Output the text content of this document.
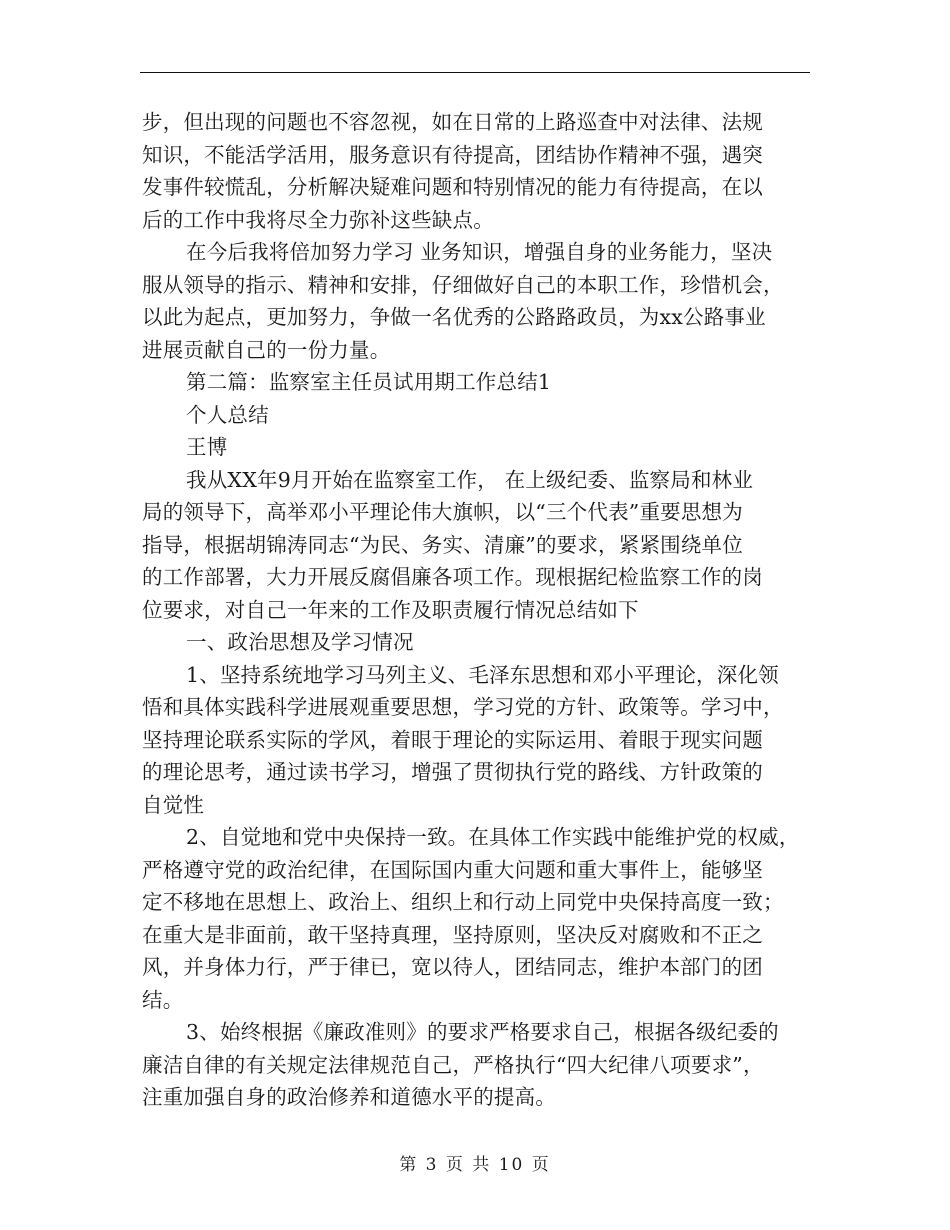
步，但出现的问题也不容忽视，如在日常的上路巡查中对法律、法规
知识，不能活学活用，服务意识有待提高，团结协作精神不强，遇突
发事件较慌乱，分析解决疑难问题和特别情况的能力有待提高，在以
后的工作中我将尽全力弥补这些缺点。
在今后我将倍加努力学习 业务知识，增强自身的业务能力，坚决
服从领导的指示、精神和安排，仔细做好自己的本职工作，珍惜机会，
以此为起点，更加努力，争做一名优秀的公路路政员，为xx公路事业
进展贡献自己的一份力量。
第二篇：监察室主任员试用期工作总结1
个人总结
王博
我从XX年9月开始在监察室工作， 在上级纪委、监察局和林业
局的领导下，高举邓小平理论伟大旗帜，以“三个代表”重要思想为
指导，根据胡锦涛同志“为民、务实、清廉”的要求，紧紧围绕单位
的工作部署，大力开展反腐倡廉各项工作。现根据纪检监察工作的岗
位要求，对自己一年来的工作及职责履行情况总结如下
一、政治思想及学习情况
1、坚持系统地学习马列主义、毛泽东思想和邓小平理论，深化领
悟和具体实践科学进展观重要思想，学习党的方针、政策等。学习中，
坚持理论联系实际的学风，着眼于理论的实际运用、着眼于现实问题
的理论思考，通过读书学习，增强了贯彻执行党的路线、方针政策的
自觉性
2、自觉地和党中央保持一致。在具体工作实践中能维护党的权威，
严格遵守党的政治纪律，在国际国内重大问题和重大事件上，能够坚
定不移地在思想上、政治上、组织上和行动上同党中央保持高度一致；
在重大是非面前，敢干坚持真理，坚持原则，坚决反对腐败和不正之
风，并身体力行，严于律已，宽以待人，团结同志，维护本部门的团
结。
3、始终根据《廉政准则》的要求严格要求自己，根据各级纪委的
廉洁自律的有关规定法律规范自己，严格执行“四大纪律八项要求”，
注重加强自身的政治修养和道德水平的提高。
第 3 页 共 10 页
